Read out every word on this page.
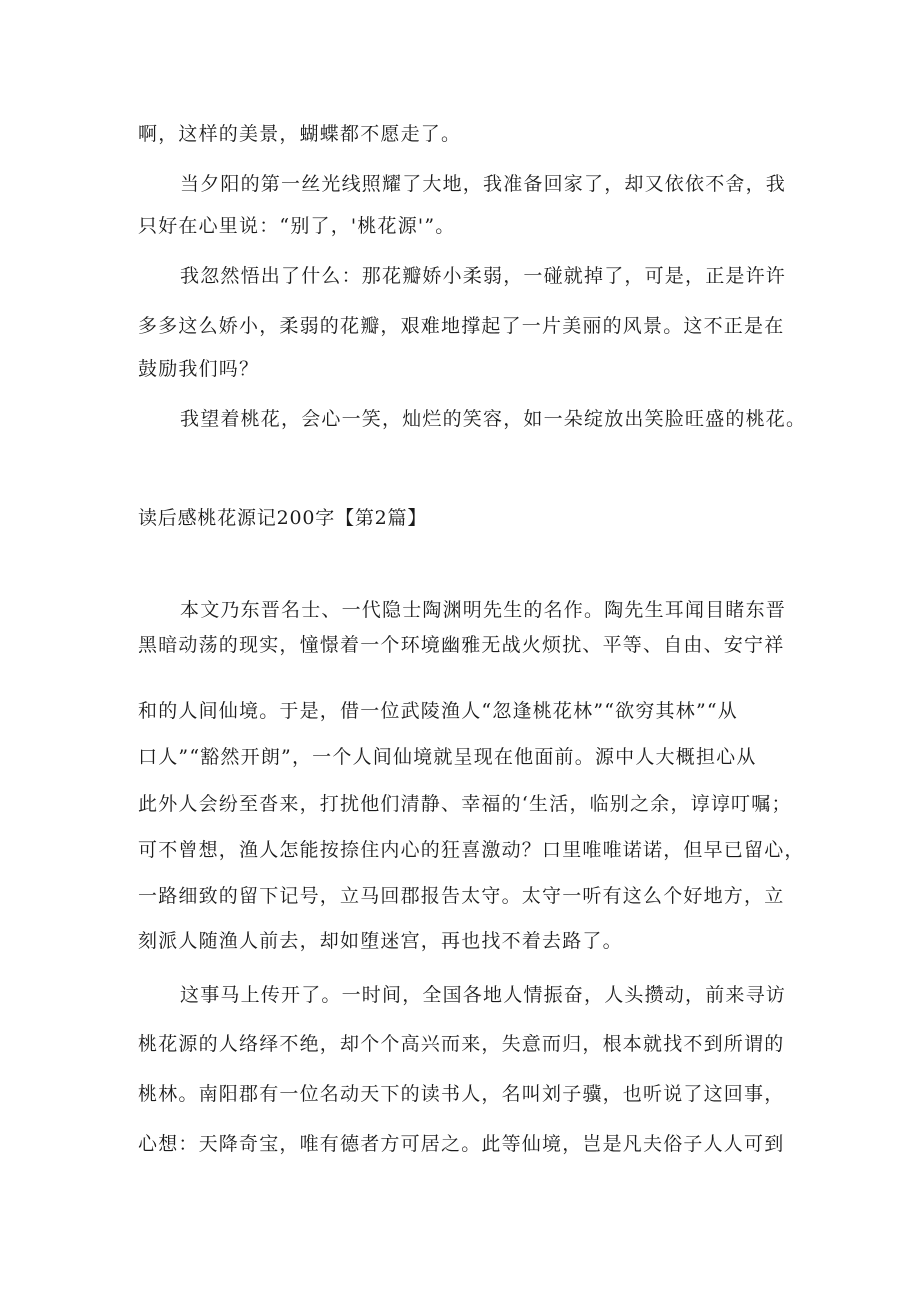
啊，这样的美景，蝴蝶都不愿走了。
当夕阳的第一丝光线照耀了大地，我准备回家了，却又依依不舍，我
只好在心里说：“别了，'桃花源'”。
我忽然悟出了什么：那花瓣娇小柔弱，一碰就掉了，可是，正是许许
多多这么娇小，柔弱的花瓣，艰难地撑起了一片美丽的风景。这不正是在
鼓励我们吗？
我望着桃花，会心一笑，灿烂的笑容，如一朵绽放出笑脸旺盛的桃花。
读后感桃花源记200字【第2篇】
本文乃东晋名士、一代隐士陶渊明先生的名作。陶先生耳闻目睹东晋
黑暗动荡的现实，憧憬着一个环境幽雅无战火烦扰、平等、自由、安宁祥
和的人间仙境。于是，借一位武陵渔人“忽逢桃花林”“欲穷其林”“从
口人”“豁然开朗”，一个人间仙境就呈现在他面前。源中人大概担心从
此外人会纷至沓来，打扰他们清静、幸福的‘生活，临别之余，谆谆叮嘱；
可不曾想，渔人怎能按捺住内心的狂喜激动？口里唯唯诺诺，但早已留心，
一路细致的留下记号，立马回郡报告太守。太守一听有这么个好地方，立
刻派人随渔人前去，却如堕迷宫，再也找不着去路了。
这事马上传开了。一时间，全国各地人情振奋，人头攒动，前来寻访
桃花源的人络绎不绝，却个个高兴而来，失意而归，根本就找不到所谓的
桃林。南阳郡有一位名动天下的读书人，名叫刘子骥，也听说了这回事，
心想：天降奇宝，唯有德者方可居之。此等仙境，岂是凡夫俗子人人可到
